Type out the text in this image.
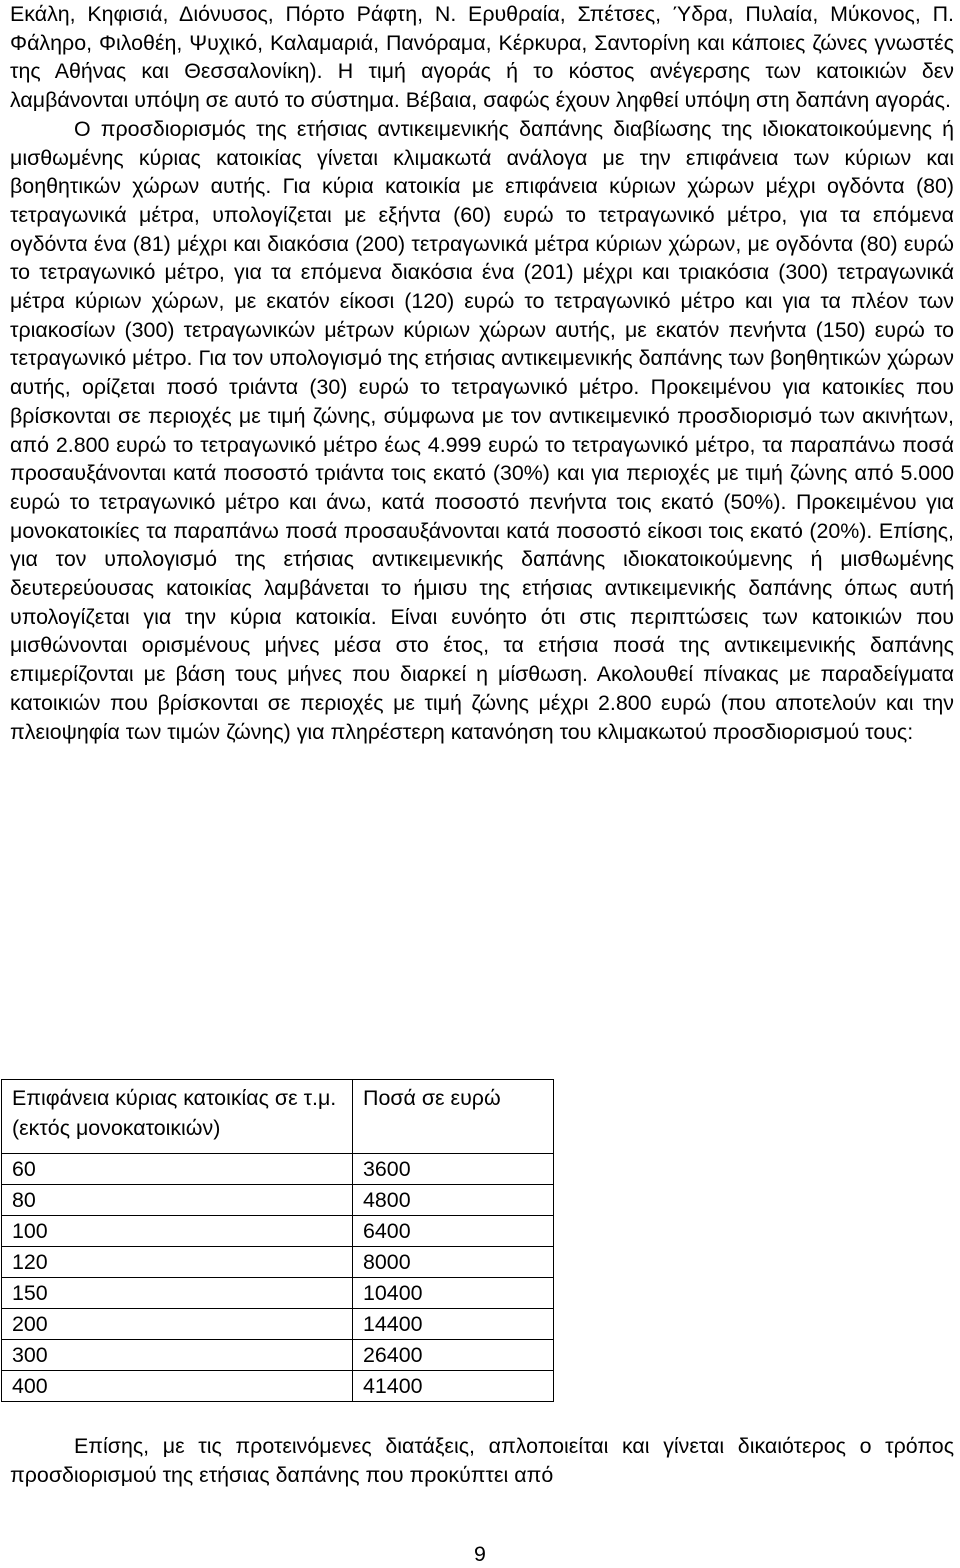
Εκάλη, Κηφισιά, Διόνυσος, Πόρτο Ράφτη, Ν. Ερυθραία, Σπέτσες, Ύδρα, Πυλαία, Μύκονος, Π. Φάληρο, Φιλοθέη, Ψυχικό, Καλαμαριά, Πανόραμα, Κέρκυρα, Σαντορίνη και κάποιες ζώνες γνωστές της Αθήνας και Θεσσαλονίκη). Η τιμή αγοράς ή το κόστος ανέγερσης των κατοικιών δεν λαμβάνονται υπόψη σε αυτό το σύστημα. Βέβαια, σαφώς έχουν ληφθεί υπόψη στη δαπάνη αγοράς.

Ο προσδιορισμός της ετήσιας αντικειμενικής δαπάνης διαβίωσης της ιδιοκατοικούμενης ή μισθωμένης κύριας κατοικίας γίνεται κλιμακωτά ανάλογα με την επιφάνεια των κύριων και βοηθητικών χώρων αυτής. Για κύρια κατοικία με επιφάνεια κύριων χώρων μέχρι ογδόντα (80) τετραγωνικά μέτρα, υπολογίζεται με εξήντα (60) ευρώ το τετραγωνικό μέτρο, για τα επόμενα ογδόντα ένα (81) μέχρι και διακόσια (200) τετραγωνικά μέτρα κύριων χώρων, με ογδόντα (80) ευρώ το τετραγωνικό μέτρο, για τα επόμενα διακόσια ένα (201) μέχρι και τριακόσια (300) τετραγωνικά μέτρα κύριων χώρων, με εκατόν είκοσι (120) ευρώ το τετραγωνικό μέτρο και για τα πλέον των τριακοσίων (300) τετραγωνικών μέτρων κύριων χώρων αυτής, με εκατόν πενήντα (150) ευρώ το τετραγωνικό μέτρο. Για τον υπολογισμό της ετήσιας αντικειμενικής δαπάνης των βοηθητικών χώρων αυτής, ορίζεται ποσό τριάντα (30) ευρώ το τετραγωνικό μέτρο. Προκειμένου για κατοικίες που βρίσκονται σε περιοχές με τιμή ζώνης, σύμφωνα με τον αντικειμενικό προσδιορισμό των ακινήτων, από 2.800 ευρώ το τετραγωνικό μέτρο έως 4.999 ευρώ το τετραγωνικό μέτρο, τα παραπάνω ποσά προσαυξάνονται κατά ποσοστό τριάντα τοις εκατό (30%) και για περιοχές με τιμή ζώνης από 5.000 ευρώ το τετραγωνικό μέτρο και άνω, κατά ποσοστό πενήντα τοις εκατό (50%). Προκειμένου για μονοκατοικίες τα παραπάνω ποσά προσαυξάνονται κατά ποσοστό είκοσι τοις εκατό (20%). Επίσης, για τον υπολογισμό της ετήσιας αντικειμενικής δαπάνης ιδιοκατοικούμενης ή μισθωμένης δευτερεύουσας κατοικίας λαμβάνεται το ήμισυ της ετήσιας αντικειμενικής δαπάνης όπως αυτή υπολογίζεται για την κύρια κατοικία. Είναι ευνόητο ότι στις περιπτώσεις των κατοικιών που μισθώνονται ορισμένους μήνες μέσα στο έτος, τα ετήσια ποσά της αντικειμενικής δαπάνης επιμερίζονται με βάση τους μήνες που διαρκεί η μίσθωση. Ακολουθεί πίνακας με παραδείγματα κατοικιών που βρίσκονται σε περιοχές με τιμή ζώνης μέχρι 2.800 ευρώ (που αποτελούν και την πλειοψηφία των τιμών ζώνης) για πληρέστερη κατανόηση του κλιμακωτού προσδιορισμού τους:

Επιφάνεια κύριας κατοικίας σε τ.μ. (εκτός μονοκατοικιών)	Ποσά σε ευρώ
60	3600
80	4800
100	6400
120	8000
150	10400
200	14400
300	26400
400	41400

Επίσης, με τις προτεινόμενες διατάξεις, απλοποιείται και γίνεται δικαιότερος ο τρόπος προσδιορισμού της ετήσιας δαπάνης που προκύπτει από

9
